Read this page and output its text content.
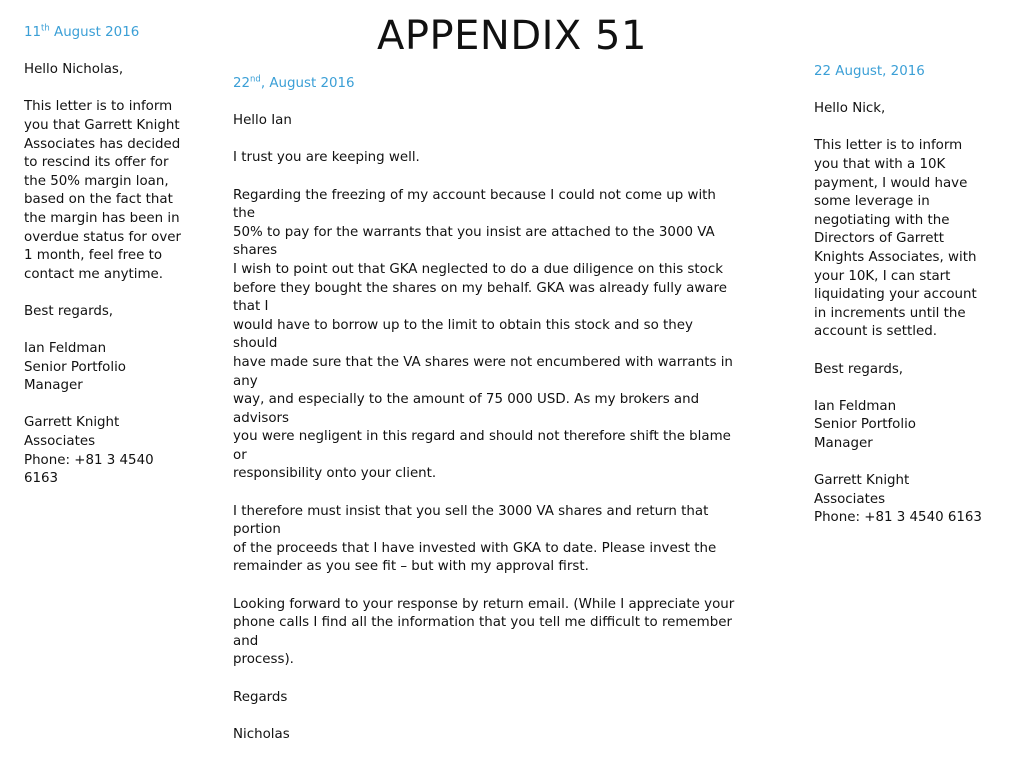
APPENDIX 51
11th August 2016
Hello Nicholas,
This letter is to inform
you that Garrett Knight
Associates has decided
to rescind its offer for
the 50% margin loan,
based on the fact that
the margin has been in
overdue status for over
1 month, feel free to
contact me anytime.
Best regards,
Ian Feldman
Senior Portfolio
Manager
Garrett Knight
Associates
Phone: +81 3 4540
6163
22nd, August 2016
Hello Ian
I trust you are keeping well.
Regarding the freezing of my account because I could not come up with the
50% to pay for the warrants that you insist are attached to the 3000 VA shares
I wish to point out that GKA neglected to do a due diligence on this stock
before they bought the shares on my behalf. GKA was already fully aware that I
would have to borrow up to the limit to obtain this stock and so they should
have made sure that the VA shares were not encumbered with warrants in any
way, and especially to the amount of 75 000 USD. As my brokers and advisors
you were negligent in this regard and should not therefore shift the blame or
responsibility onto your client.
I therefore must insist that you sell the 3000 VA shares and return that portion
of the proceeds that I have invested with GKA to date. Please invest the
remainder as you see fit – but with my approval first.
Looking forward to your response by return email. (While I appreciate your
phone calls I find all the information that you tell me difficult to remember and
process).
Regards
Nicholas
22 August, 2016
Hello Nick,
This letter is to inform
you that with a 10K
payment, I would have
some leverage in
negotiating with the
Directors of Garrett
Knights Associates, with
your 10K, I can start
liquidating your account
in increments until the
account is settled.
Best regards,
Ian Feldman
Senior Portfolio
Manager
Garrett Knight
Associates
Phone: +81 3 4540 6163
